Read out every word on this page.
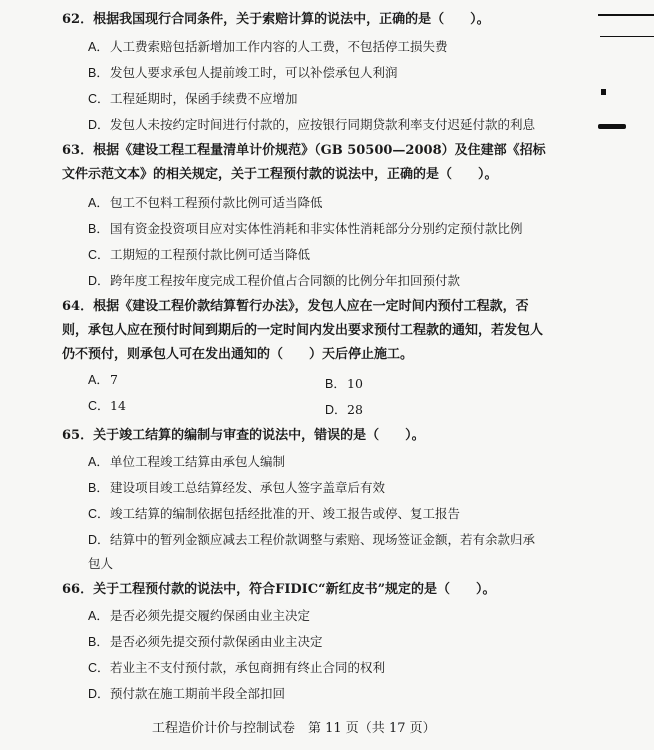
62．根据我国现行合同条件，关于索赔计算的说法中，正确的是（　　）。
A．人工费索赔包括新增加工作内容的人工费，不包括停工损失费
B．发包人要求承包人提前竣工时，可以补偿承包人利润
C．工程延期时，保函手续费不应增加
D．发包人未按约定时间进行付款的，应按银行同期贷款利率支付迟延付款的利息
63．根据《建设工程工程量清单计价规范》（GB 50500—2008）及住建部《招标文件示范文本》的相关规定，关于工程预付款的说法中，正确的是（　　）。
A．包工不包料工程预付款比例可适当降低
B．国有资金投资项目应对实体性消耗和非实体性消耗部分分别约定预付款比例
C．工期短的工程预付款比例可适当降低
D．跨年度工程按年度完成工程价值占合同额的比例分年扣回预付款
64．根据《建设工程价款结算暂行办法》，发包人应在一定时间内预付工程款，否则，承包人应在预付时间到期后的一定时间内发出要求预付工程款的通知，若发包人仍不预付，则承包人可在发出通知的（　　）天后停止施工。
A．7	B．10
C．14	D．28
65．关于竣工结算的编制与审查的说法中，错误的是（　　）。
A．单位工程竣工结算由承包人编制
B．建设项目竣工总结算经发、承包人签字盖章后有效
C．竣工结算的编制依据包括经批准的开、竣工报告或停、复工报告
D．结算中的暂列金额应减去工程价款调整与索赔、现场签证金额，若有余款归承包人
66．关于工程预付款的说法中，符合FIDIC“新红皮书”规定的是（　　）。
A．是否必须先提交履约保函由业主决定
B．是否必须先提交预付款保函由业主决定
C．若业主不支付预付款，承包商拥有终止合同的权利
D．预付款在施工期前半段全部扣回
工程造价计价与控制试卷　第 11 页（共 17 页）
